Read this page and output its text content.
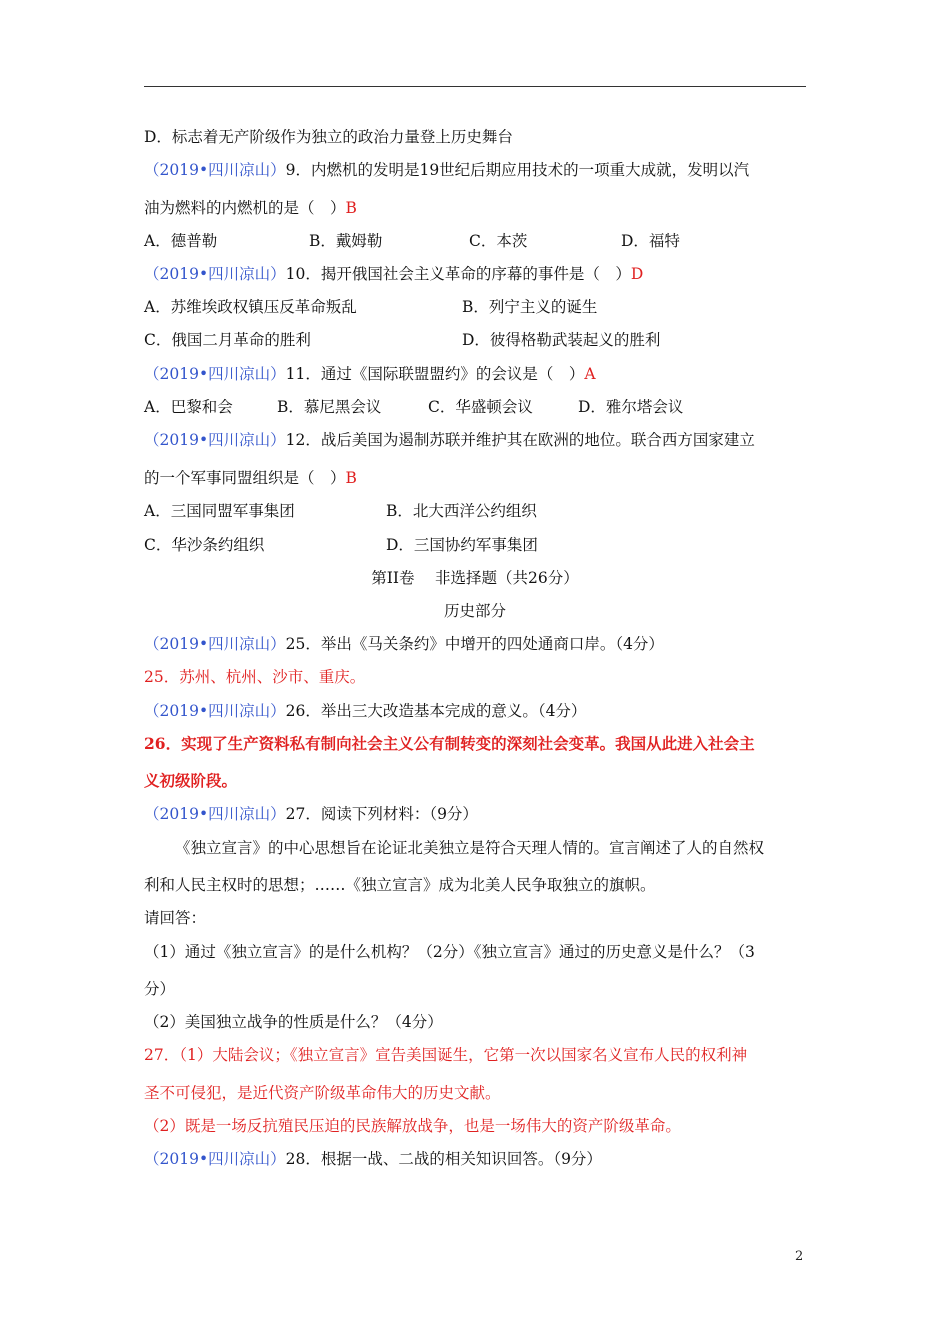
D．标志着无产阶级作为独立的政治力量登上历史舞台
（2019•四川凉山）9．内燃机的发明是19世纪后期应用技术的一项重大成就，发明以汽
油为燃料的内燃机的是（　）B
A．德普勒	B．戴姆勒	C．本茨	D．福特
（2019•四川凉山）10．揭开俄国社会主义革命的序幕的事件是（　）D
A．苏维埃政权镇压反革命叛乱	B．列宁主义的诞生
C．俄国二月革命的胜利	D．彼得格勒武装起义的胜利
（2019•四川凉山）11．通过《国际联盟盟约》的会议是（　）A
A．巴黎和会	B．慕尼黑会议	C．华盛顿会议	D．雅尔塔会议
（2019•四川凉山）12．战后美国为遏制苏联并维护其在欧洲的地位。联合西方国家建立
的一个军事同盟组织是（　）B
A．三国同盟军事集团	B．北大西洋公约组织
C．华沙条约组织	D．三国协约军事集团
第II卷　 非选择题（共26分）
历史部分
（2019•四川凉山）25．举出《马关条约》中增开的四处通商口岸。（4分）
25．苏州、杭州、沙市、重庆。
（2019•四川凉山）26．举出三大改造基本完成的意义。（4分）
26．实现了生产资料私有制向社会主义公有制转变的深刻社会变革。我国从此进入社会主
义初级阶段。
（2019•四川凉山）27．阅读下列材料：（9分）
《独立宣言》的中心思想旨在论证北美独立是符合天理人情的。宣言阐述了人的自然权
利和人民主权时的思想；……《独立宣言》成为北美人民争取独立的旗帜。
请回答：
（1）通过《独立宣言》的是什么机构？（2分）《独立宣言》通过的历史意义是什么？（3
分）
（2）美国独立战争的性质是什么？（4分）
27．（1）大陆会议；《独立宣言》宣告美国诞生，它第一次以国家名义宣布人民的权利神
圣不可侵犯，是近代资产阶级革命伟大的历史文献。
（2）既是一场反抗殖民压迫的民族解放战争，也是一场伟大的资产阶级革命。
（2019•四川凉山）28．根据一战、二战的相关知识回答。（9分）
2
